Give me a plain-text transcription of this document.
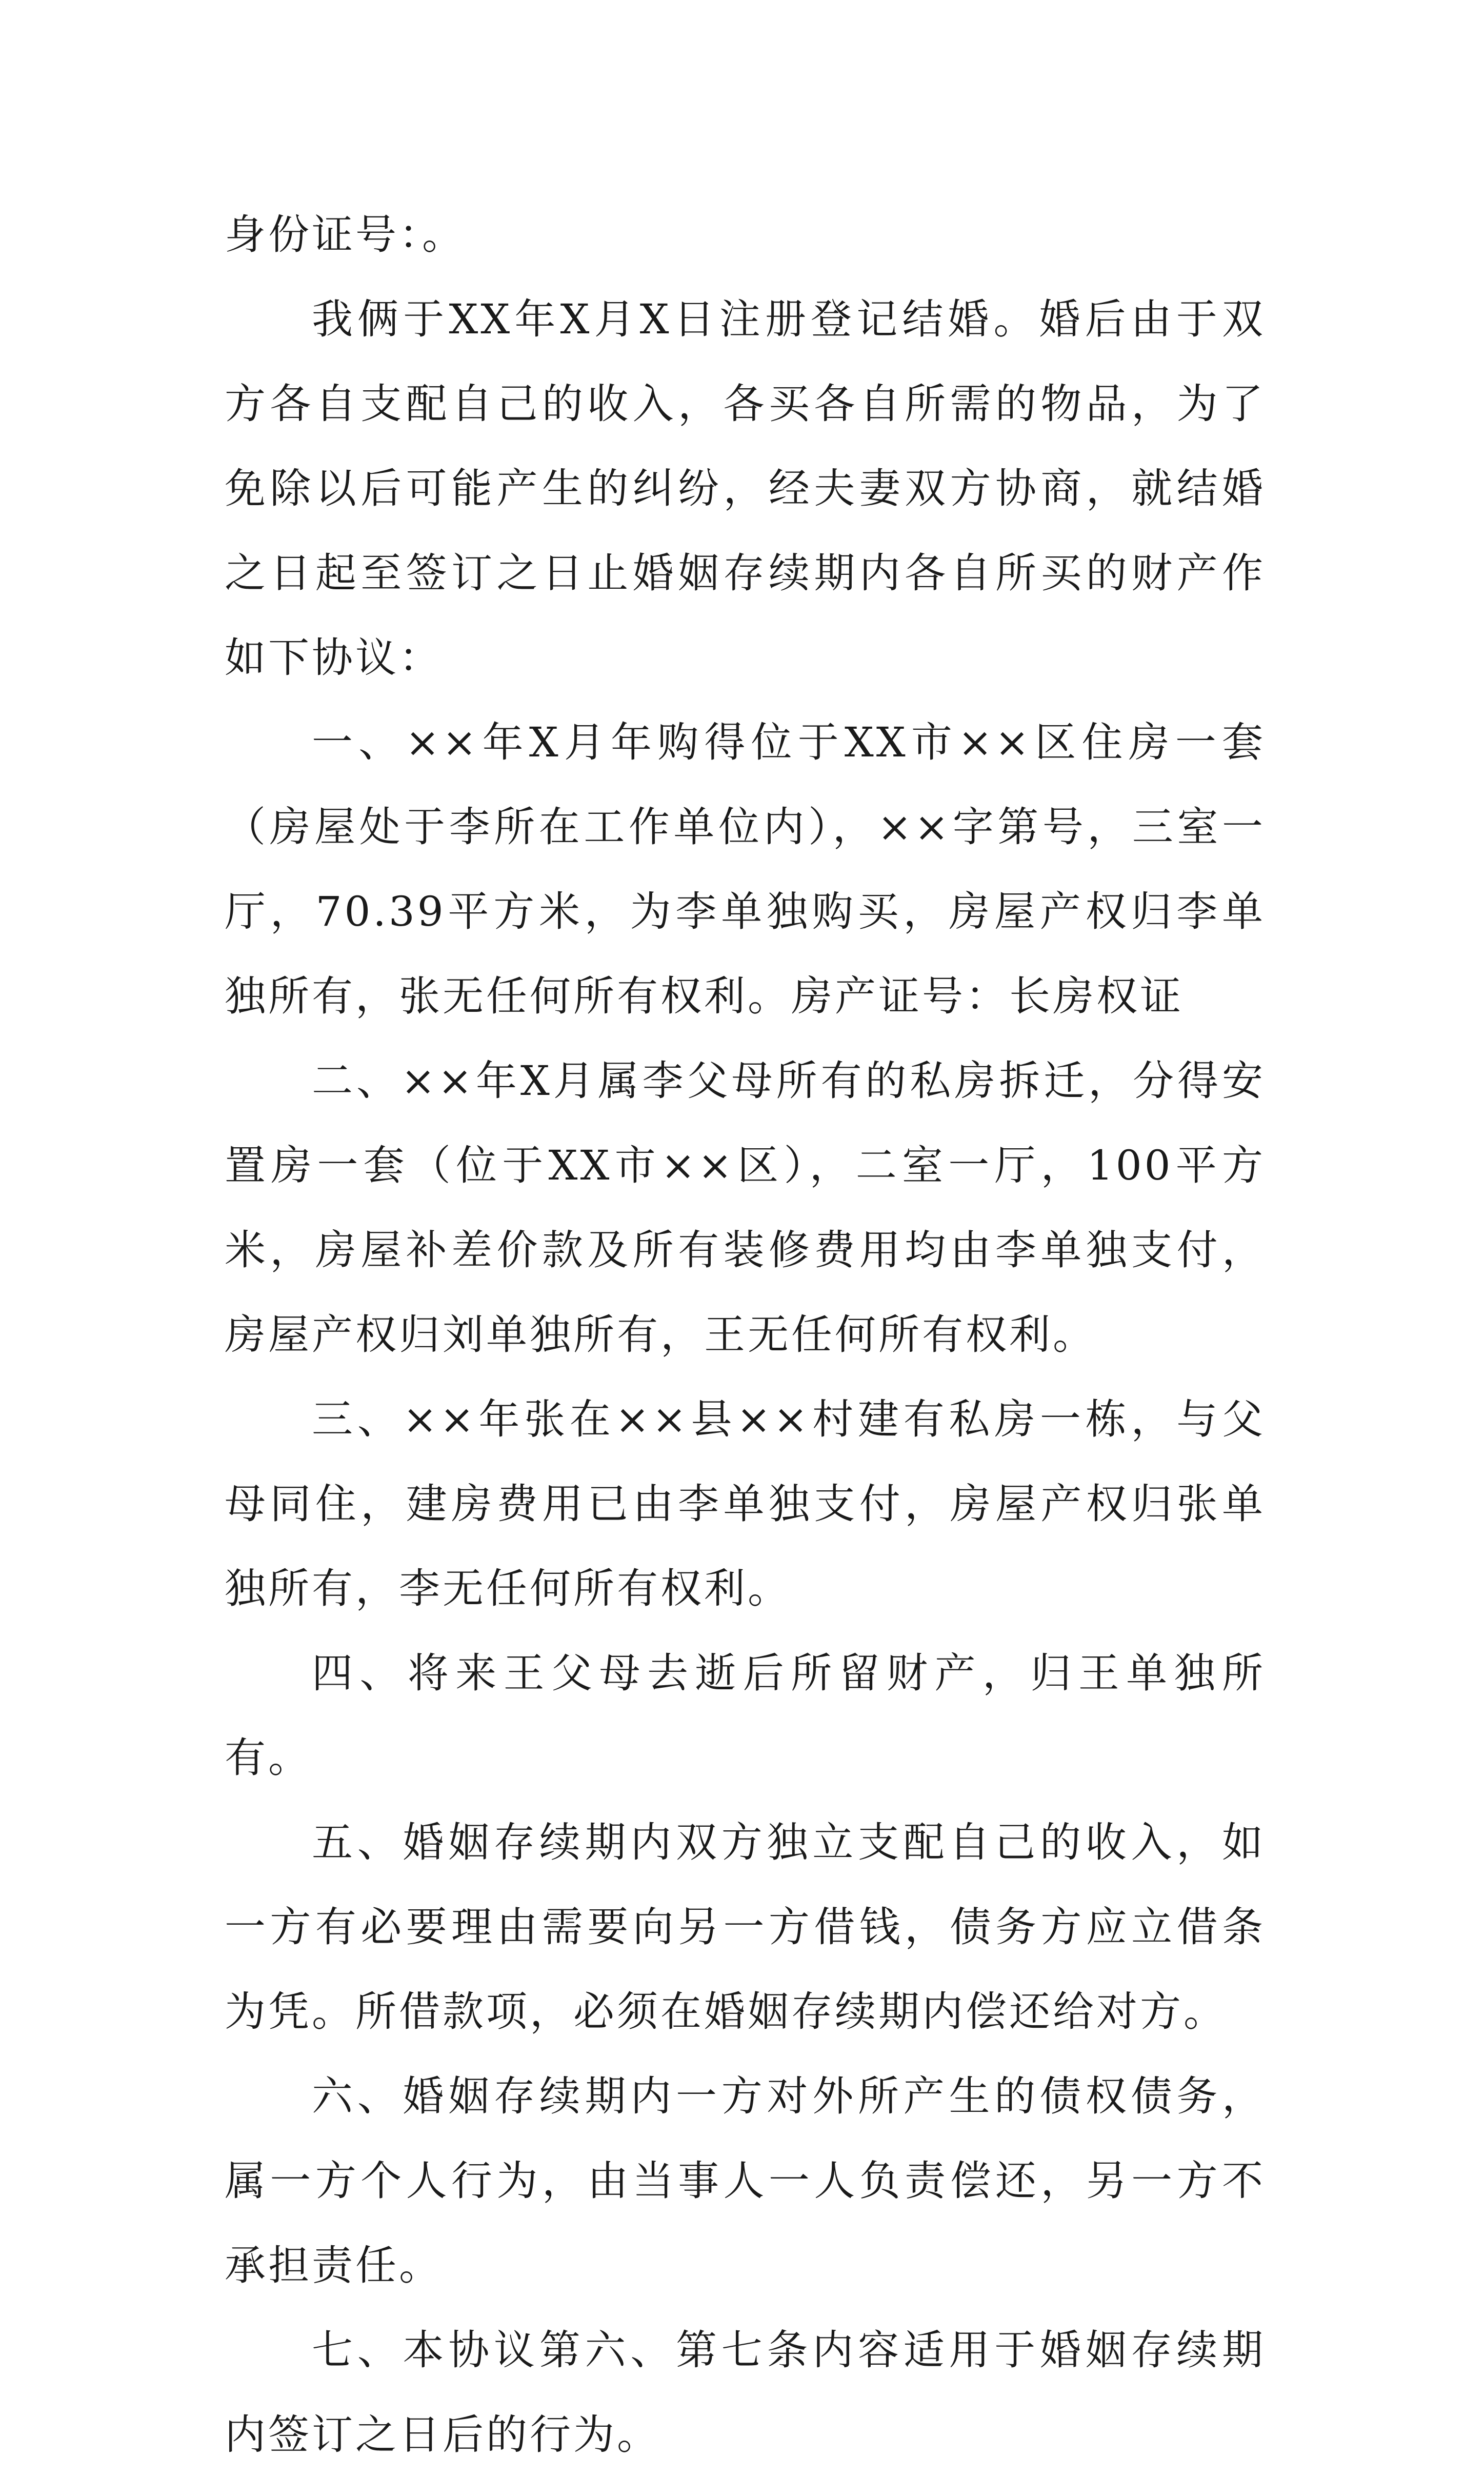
身份证号：。

我俩于XX年X月X日注册登记结婚。婚后由于双方各自支配自己的收入，各买各自所需的物品，为了免除以后可能产生的纠纷，经夫妻双方协商，就结婚之日起至签订之日止婚姻存续期内各自所买的财产作如下协议：

一、××年X月年购得位于XX市××区住房一套（房屋处于李所在工作单位内），××字第号，三室一厅，70.39平方米，为李单独购买，房屋产权归李单独所有，张无任何所有权利。房产证号：长房权证

二、××年X月属李父母所有的私房拆迁，分得安置房一套（位于XX市××区），二室一厅，100平方米，房屋补差价款及所有装修费用均由李单独支付，房屋产权归刘单独所有，王无任何所有权利。

三、××年张在××县××村建有私房一栋，与父母同住，建房费用已由李单独支付，房屋产权归张单独所有，李无任何所有权利。

四、将来王父母去逝后所留财产，归王单独所有。

五、婚姻存续期内双方独立支配自己的收入，如一方有必要理由需要向另一方借钱，债务方应立借条为凭。所借款项，必须在婚姻存续期内偿还给对方。

六、婚姻存续期内一方对外所产生的债权债务，属一方个人行为，由当事人一人负责偿还，另一方不承担责任。

七、本协议第六、第七条内容适用于婚姻存续期内签订之日后的行为。
